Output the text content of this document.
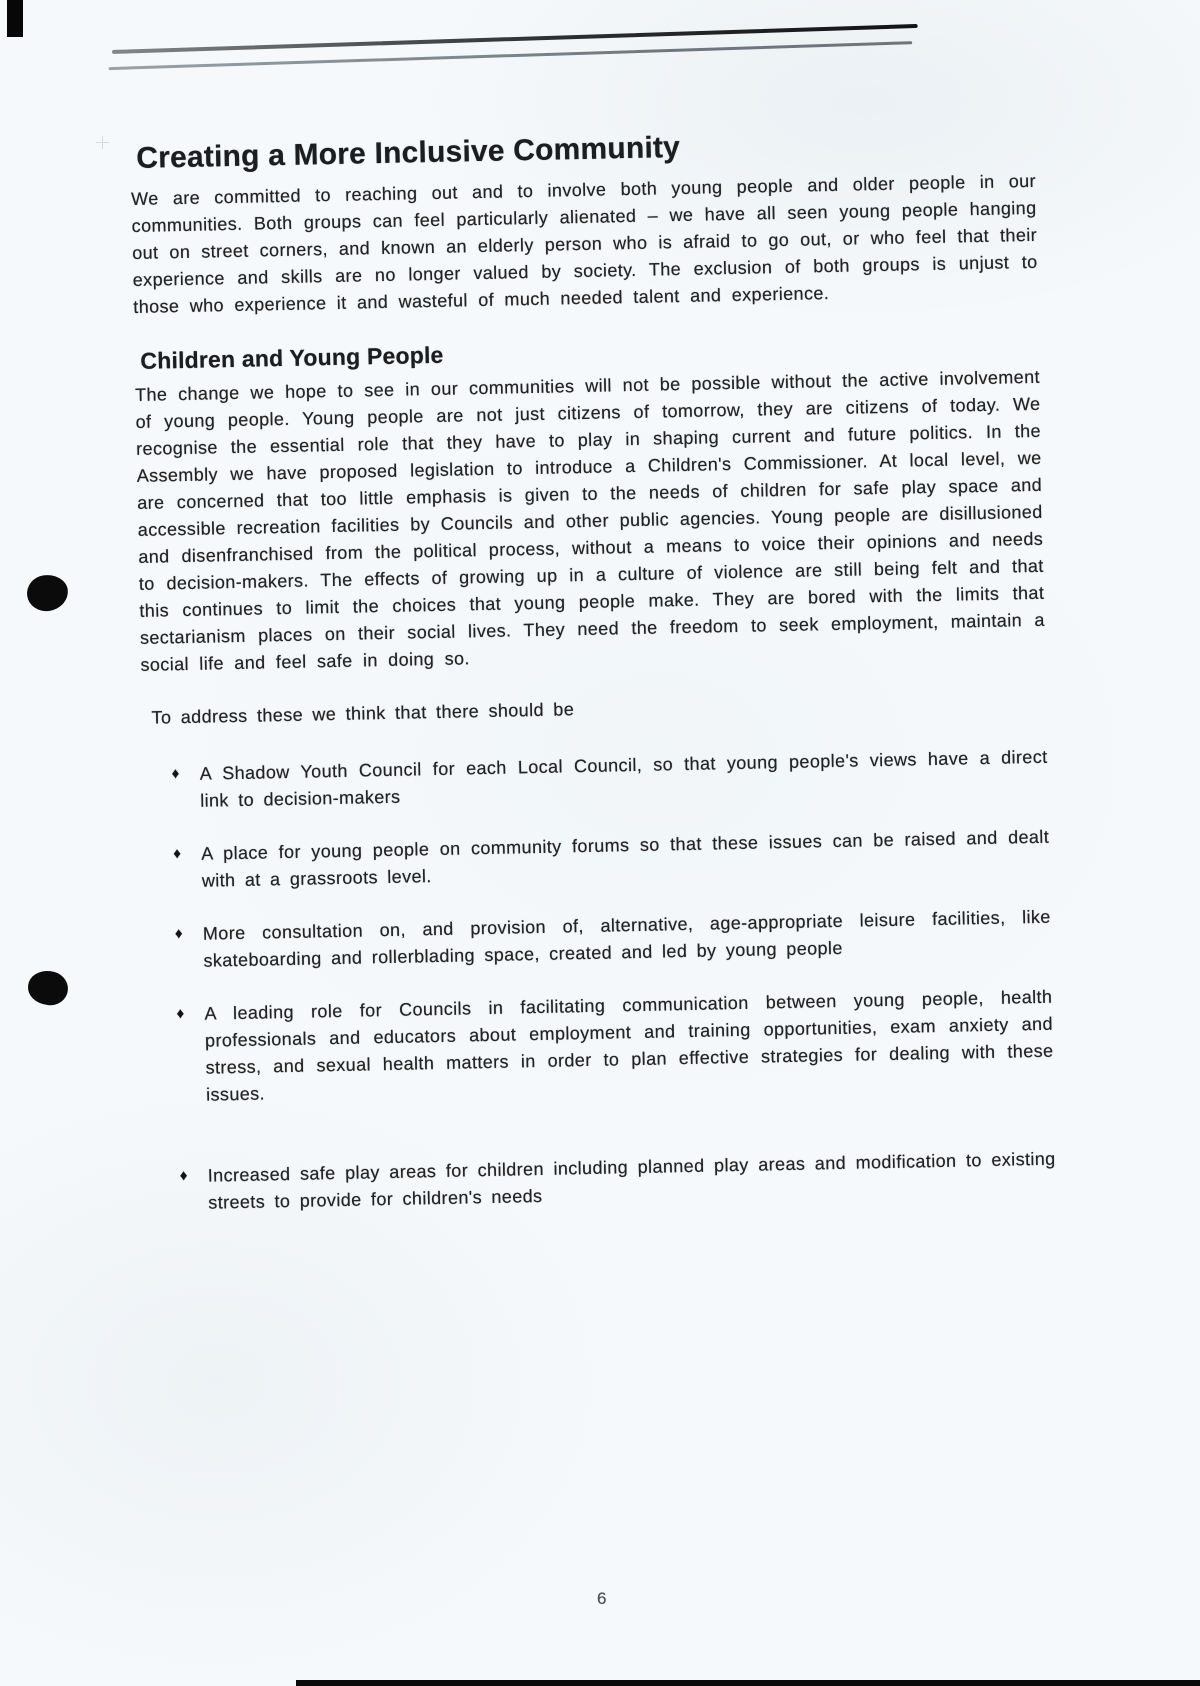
Creating a More Inclusive Community

We are committed to reaching out and to involve both young people and older people in our communities. Both groups can feel particularly alienated – we have all seen young people hanging out on street corners, and known an elderly person who is afraid to go out, or who feel that their experience and skills are no longer valued by society. The exclusion of both groups is unjust to those who experience it and wasteful of much needed talent and experience.

Children and Young People

The change we hope to see in our communities will not be possible without the active involvement of young people. Young people are not just citizens of tomorrow, they are citizens of today. We recognise the essential role that they have to play in shaping current and future politics. In the Assembly we have proposed legislation to introduce a Children's Commissioner. At local level, we are concerned that too little emphasis is given to the needs of children for safe play space and accessible recreation facilities by Councils and other public agencies. Young people are disillusioned and disenfranchised from the political process, without a means to voice their opinions and needs to decision-makers. The effects of growing up in a culture of violence are still being felt and that this continues to limit the choices that young people make. They are bored with the limits that sectarianism places on their social lives. They need the freedom to seek employment, maintain a social life and feel safe in doing so.

To address these we think that there should be

♦ A Shadow Youth Council for each Local Council, so that young people's views have a direct link to decision-makers
♦ A place for young people on community forums so that these issues can be raised and dealt with at a grassroots level.
♦ More consultation on, and provision of, alternative, age-appropriate leisure facilities, like skateboarding and rollerblading space, created and led by young people
♦ A leading role for Councils in facilitating communication between young people, health professionals and educators about employment and training opportunities, exam anxiety and stress, and sexual health matters in order to plan effective strategies for dealing with these issues.
♦ Increased safe play areas for children including planned play areas and modification to existing streets to provide for children's needs
6
